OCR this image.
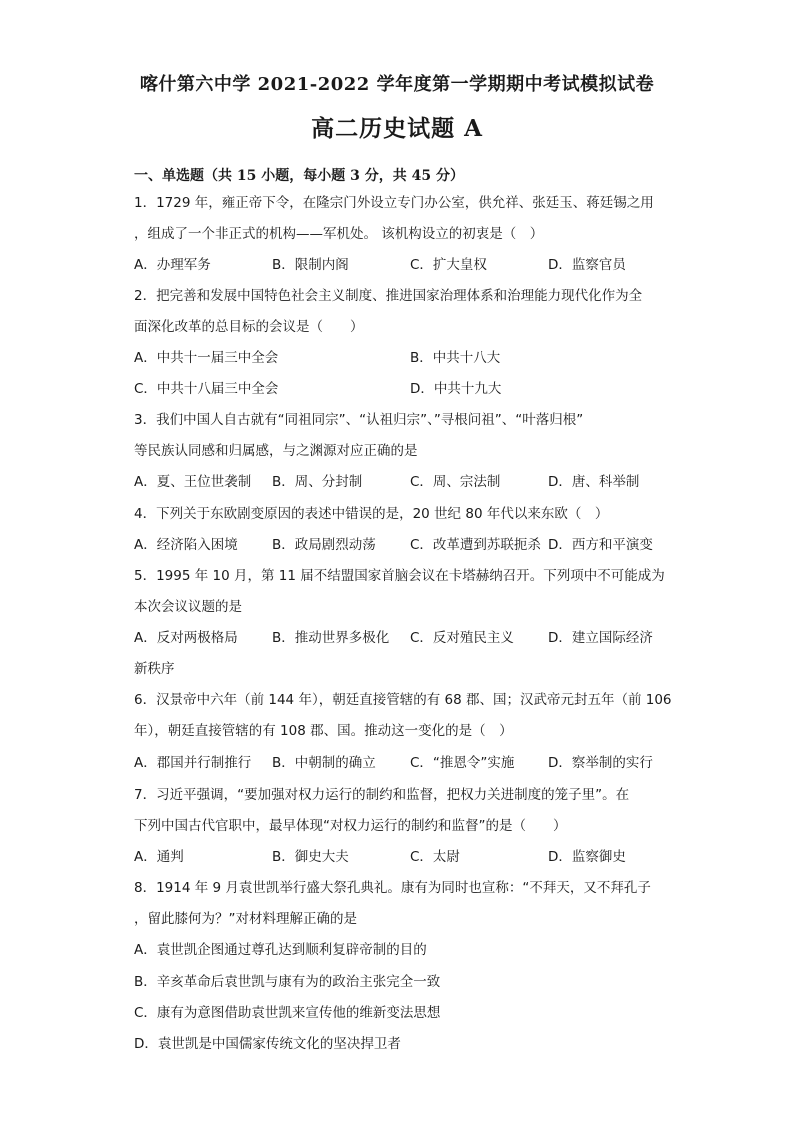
喀什第六中学 2021-2022 学年度第一学期期中考试模拟试卷
高二历史试题 A
一、单选题（共 15 小题，每小题 3 分，共 45 分）
1．1729 年，雍正帝下令，在隆宗门外设立专门办公室，供允祥、张廷玉、蒋廷锡之用
，组成了一个非正式的机构——军机处。 该机构设立的初衷是（　）
A．办理军务	B．限制内阁	C．扩大皇权	D．监察官员
2．把完善和发展中国特色社会主义制度、推进国家治理体系和治理能力现代化作为全
面深化改革的总目标的会议是（　　）
A．中共十一届三中全会	B．中共十八大
C．中共十八届三中全会	D．中共十九大
3．我们中国人自古就有“同祖同宗”、“认祖归宗”、”寻根问祖”、“叶落归根”
等民族认同感和归属感，与之渊源对应正确的是
A．夏、王位世袭制 B．周、分封制	C．周、宗法制	D．唐、科举制
4．下列关于东欧剧变原因的表述中错误的是，20 世纪 80 年代以来东欧（　）
A．经济陷入困境	B．政局剧烈动荡	C．改革遭到苏联扼杀 D．西方和平演变
5．1995 年 10 月，第 11 届不结盟国家首脑会议在卡塔赫纳召开。下列项中不可能成为
本次会议议题的是
A．反对两极格局	B．推动世界多极化 C．反对殖民主义	D．建立国际经济
新秩序
6．汉景帝中六年（前 144 年），朝廷直接管辖的有 68 郡、国；汉武帝元封五年（前 106
年），朝廷直接管辖的有 108 郡、国。推动这一变化的是（　）
A．郡国并行制推行 B．中朝制的确立	C．“推恩令”实施 D．察举制的实行
7．习近平强调，“要加强对权力运行的制约和监督，把权力关进制度的笼子里”。在
下列中国古代官职中，最早体现“对权力运行的制约和监督”的是（　　）
A．通判	B．御史大夫	C．太尉	D．监察御史
8．1914 年 9 月袁世凯举行盛大祭孔典礼。康有为同时也宣称：“不拜天，又不拜孔子
，留此膝何为？”对材料理解正确的是
A．袁世凯企图通过尊孔达到顺利复辟帝制的目的
B．辛亥革命后袁世凯与康有为的政治主张完全一致
C．康有为意图借助袁世凯来宣传他的维新变法思想
D．袁世凯是中国儒家传统文化的坚决捍卫者
